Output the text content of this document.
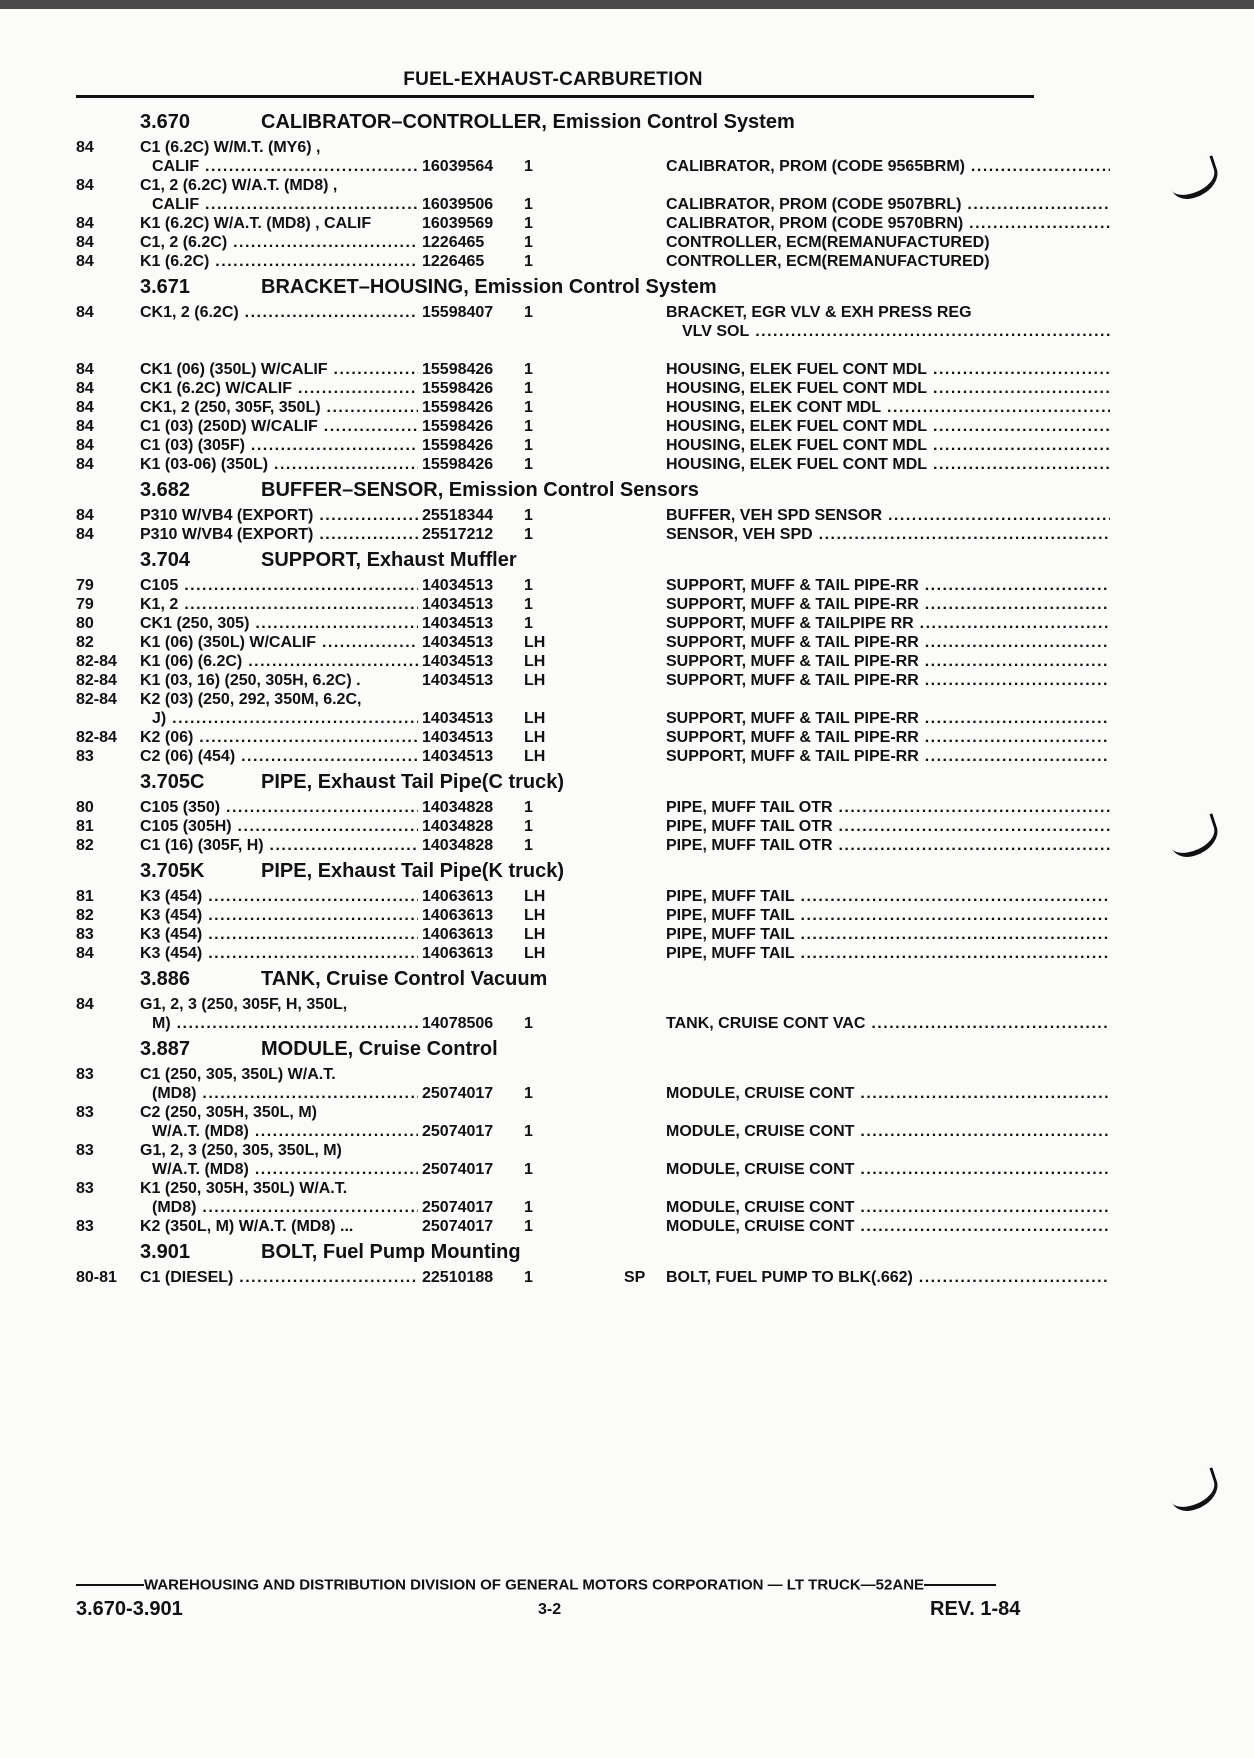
FUEL-EXHAUST-CARBURETION
3.670	CALIBRATOR–CONTROLLER, Emission Control System
84	C1 (6.2C) W/M.T. (MY6) ,
CALIF .....	16039564 1	CALIBRATOR, PROM (CODE 9565BRM) .....
84	C1, 2 (6.2C) W/A.T. (MD8) ,
CALIF .....	16039506 1	CALIBRATOR, PROM (CODE 9507BRL) .....
84	K1 (6.2C) W/A.T. (MD8) , CALIF	16039569 1	CALIBRATOR, PROM (CODE 9570BRN) .....
84	C1, 2 (6.2C) .....	1226465 1	CONTROLLER, ECM(REMANUFACTURED)
84	K1 (6.2C) .....	1226465 1	CONTROLLER, ECM(REMANUFACTURED)
3.671	BRACKET–HOUSING, Emission Control System
84	CK1, 2 (6.2C) .....	15598407 1	BRACKET, EGR VLV & EXH PRESS REG
VLV SOL .....
84	CK1 (06) (350L) W/CALIF .....	15598426 1	HOUSING, ELEK FUEL CONT MDL .....
84	CK1 (6.2C) W/CALIF .....	15598426 1	HOUSING, ELEK FUEL CONT MDL .....
84	CK1, 2 (250, 305F, 350L) .....	15598426 1	HOUSING, ELEK CONT MDL .....
84	C1 (03) (250D) W/CALIF .....	15598426 1	HOUSING, ELEK FUEL CONT MDL .....
84	C1 (03) (305F) .....	15598426 1	HOUSING, ELEK FUEL CONT MDL .....
84	K1 (03-06) (350L) .....	15598426 1	HOUSING, ELEK FUEL CONT MDL .....
3.682	BUFFER–SENSOR, Emission Control Sensors
84	P310 W/VB4 (EXPORT) .....	25518344 1	BUFFER, VEH SPD SENSOR .....
84	P310 W/VB4 (EXPORT) .....	25517212 1	SENSOR, VEH SPD .....
3.704	SUPPORT, Exhaust Muffler
79	C105 .....	14034513 1	SUPPORT, MUFF & TAIL PIPE-RR .....
79	K1, 2 .....	14034513 1	SUPPORT, MUFF & TAIL PIPE-RR .....
80	CK1 (250, 305) .....	14034513 1	SUPPORT, MUFF & TAILPIPE RR .....
82	K1 (06) (350L) W/CALIF .....	14034513 LH	SUPPORT, MUFF & TAIL PIPE-RR .....
82-84 K1 (06) (6.2C) .....	14034513 LH	SUPPORT, MUFF & TAIL PIPE-RR .....
82-84 K1 (03, 16) (250, 305H, 6.2C) .	14034513 LH	SUPPORT, MUFF & TAIL PIPE-RR .....
82-84 K2 (03) (250, 292, 350M, 6.2C,
J) .....	14034513 LH	SUPPORT, MUFF & TAIL PIPE-RR .....
82-84 K2 (06) .....	14034513 LH	SUPPORT, MUFF & TAIL PIPE-RR .....
83	C2 (06) (454) .....	14034513 LH	SUPPORT, MUFF & TAIL PIPE-RR .....
3.705C	PIPE, Exhaust Tail Pipe(C truck)
80	C105 (350) .....	14034828 1	PIPE, MUFF TAIL OTR .....
81	C105 (305H) .....	14034828 1	PIPE, MUFF TAIL OTR .....
82	C1 (16) (305F, H) .....	14034828 1	PIPE, MUFF TAIL OTR .....
3.705K	PIPE, Exhaust Tail Pipe(K truck)
81	K3 (454) .....	14063613 LH	PIPE, MUFF TAIL .....
82	K3 (454) .....	14063613 LH	PIPE, MUFF TAIL .....
83	K3 (454) .....	14063613 LH	PIPE, MUFF TAIL .....
84	K3 (454) .....	14063613 LH	PIPE, MUFF TAIL .....
3.886	TANK, Cruise Control Vacuum
84	G1, 2, 3 (250, 305F, H, 350L,
M) .....	14078506 1	TANK, CRUISE CONT VAC .....
3.887	MODULE, Cruise Control
83	C1 (250, 305, 350L) W/A.T.
(MD8) .....	25074017 1	MODULE, CRUISE CONT .....
83	C2 (250, 305H, 350L, M)
W/A.T. (MD8) .....	25074017 1	MODULE, CRUISE CONT .....
83	G1, 2, 3 (250, 305, 350L, M)
W/A.T. (MD8) .....	25074017 1	MODULE, CRUISE CONT .....
83	K1 (250, 305H, 350L) W/A.T.
(MD8) .....	25074017 1	MODULE, CRUISE CONT .....
83	K2 (350L, M) W/A.T. (MD8) ...	25074017 1	MODULE, CRUISE CONT .....
3.901	BOLT, Fuel Pump Mounting
80-81 C1 (DIESEL) .....	22510188 1	SP BOLT, FUEL PUMP TO BLK(.662) .....
WAREHOUSING AND DISTRIBUTION DIVISION OF GENERAL MOTORS CORPORATION — LT TRUCK—52ANE
3.670-3.901	3-2	REV. 1-84
